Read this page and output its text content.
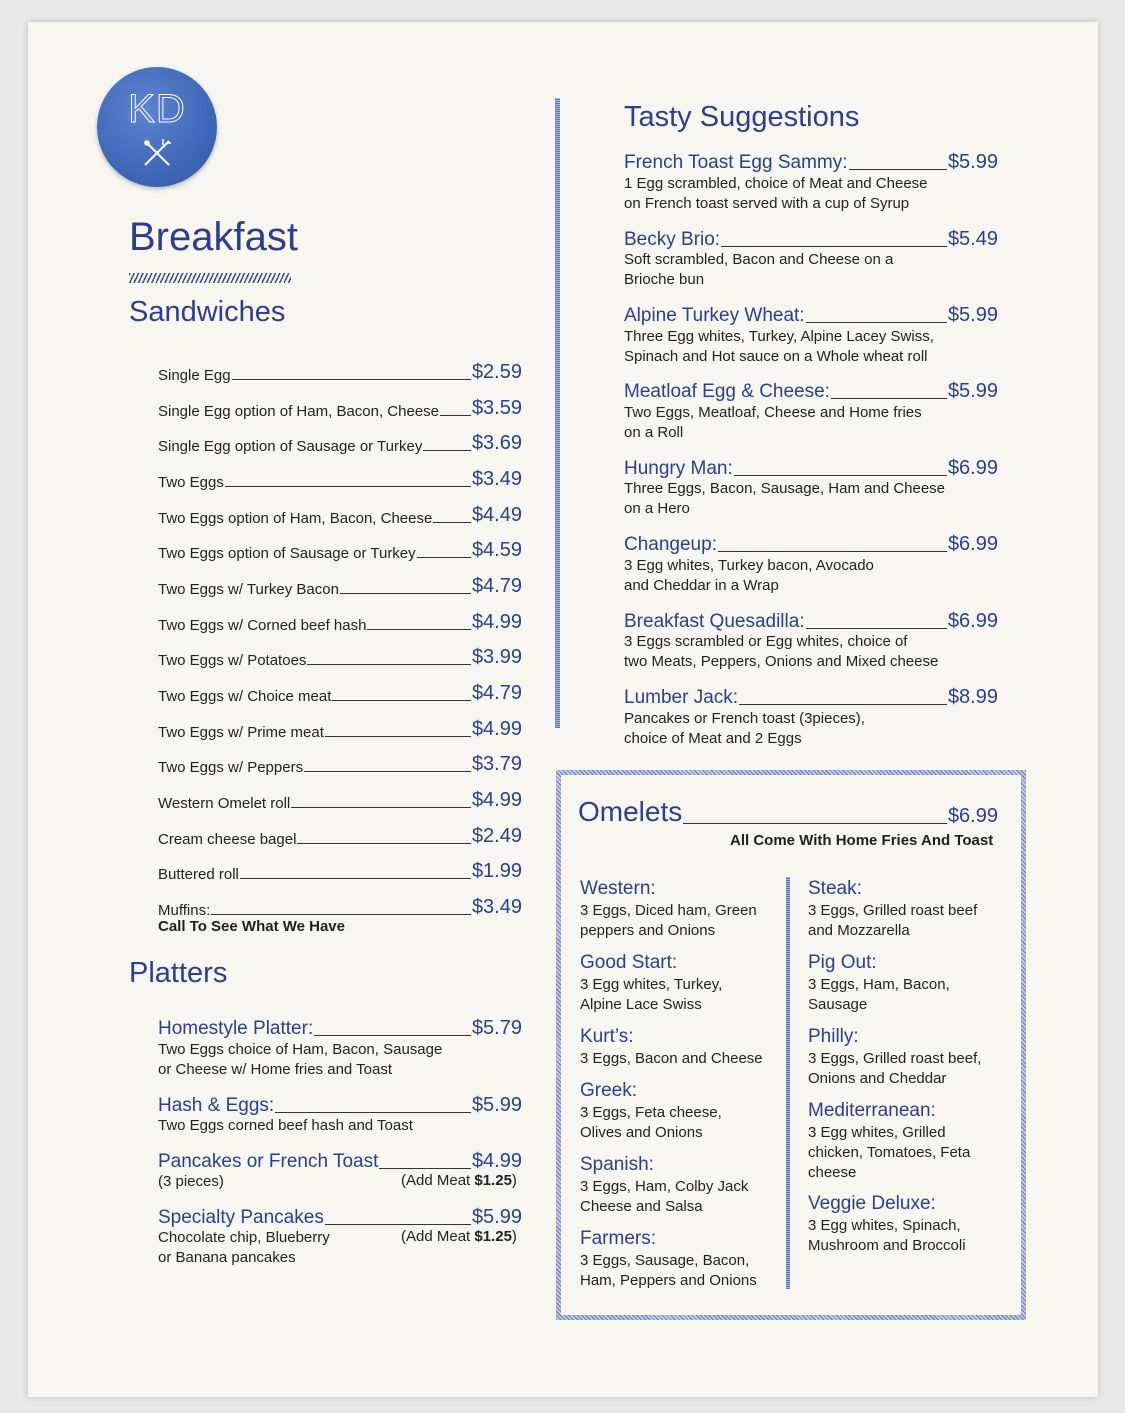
KD
Breakfast
Sandwiches
Single Egg	$2.59
Single Egg option of Ham, Bacon, Cheese $3.59
Single Egg option of Sausage or Turkey $3.69
Two Eggs	$3.49
Two Eggs option of Ham, Bacon, Cheese $4.49
Two Eggs option of Sausage or Turkey	$4.59
Two Eggs w/ Turkey Bacon	$4.79
Two Eggs w/ Corned beef hash	$4.99
Two Eggs w/ Potatoes	$3.99
Two Eggs w/ Choice meat	$4.79
Two Eggs w/ Prime meat	$4.99
Two Eggs w/ Peppers	$3.79
Western Omelet roll	$4.99
Cream cheese bagel	$2.49
Buttered roll	$1.99
Muffins:	$3.49
Call To See What We Have
Platters
Homestyle Platter:	$5.79
Two Eggs choice of Ham, Bacon, Sausage
or Cheese w/ Home fries and Toast
Hash & Eggs:	$5.99
Two Eggs corned beef hash and Toast
Pancakes or French Toast	$4.99
(3 pieces)	(Add Meat $1.25)
Specialty Pancakes	$5.99
Chocolate chip, Blueberry
or Banana pancakes
(Add Meat $1.25)
Tasty Suggestions
French Toast Egg Sammy:	$5.99
1 Egg scrambled, choice of Meat and Cheese
on French toast served with a cup of Syrup
Becky Brio:	$5.49
Soft scrambled, Bacon and Cheese on a
Brioche bun
Alpine Turkey Wheat:	$5.99
Three Egg whites, Turkey, Alpine Lacey Swiss,
Spinach and Hot sauce on a Whole wheat roll
Meatloaf Egg & Cheese:	$5.99
Two Eggs, Meatloaf, Cheese and Home fries
on a Roll
Hungry Man:	$6.99
Three Eggs, Bacon, Sausage, Ham and Cheese
on a Hero
Changeup:	$6.99
3 Egg whites, Turkey bacon, Avocado
and Cheddar in a Wrap
Breakfast Quesadilla:	$6.99
3 Eggs scrambled or Egg whites, choice of
two Meats, Peppers, Onions and Mixed cheese
Lumber Jack:	$8.99
Pancakes or French toast (3pieces),
choice of Meat and 2 Eggs
Omelets	$6.99
All Come With Home Fries And Toast
Western:
3 Eggs, Diced ham, Green
peppers and Onions
Good Start:
3 Egg whites, Turkey,
Alpine Lace Swiss
Kurt’s:
3 Eggs, Bacon and Cheese
Greek:
3 Eggs, Feta cheese,
Olives and Onions
Spanish:
3 Eggs, Ham, Colby Jack
Cheese and Salsa
Farmers:
3 Eggs, Sausage, Bacon,
Ham, Peppers and Onions
Steak:
3 Eggs, Grilled roast beef
and Mozzarella
Pig Out:
3 Eggs, Ham, Bacon,
Sausage
Philly:
3 Eggs, Grilled roast beef,
Onions and Cheddar
Mediterranean:
3 Egg whites, Grilled
chicken, Tomatoes, Feta
cheese
Veggie Deluxe:
3 Egg whites, Spinach,
Mushroom and Broccoli
